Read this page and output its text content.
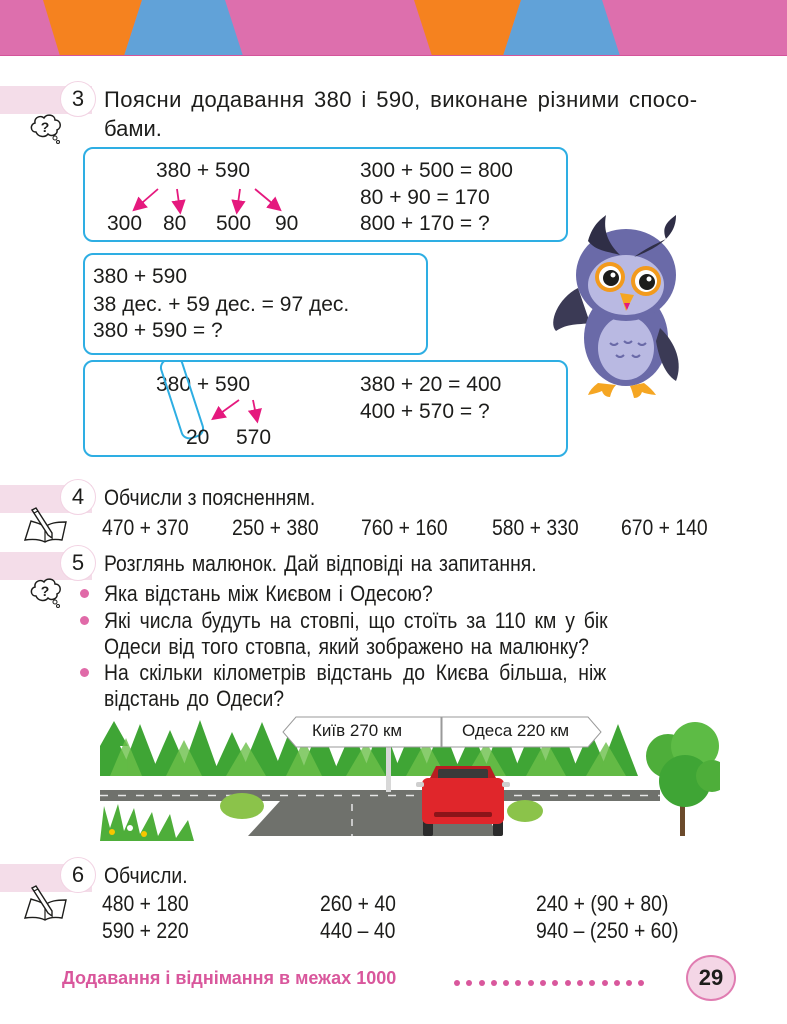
3
?
Поясни додавання 380 і 590, виконане різними спосо-
бами.
380 + 590
300 80 500 90
300 + 500 = 800
80 + 90 = 170
800 + 170 = ?
380 + 590
38 дес. + 59 дес. = 97 дес.
380 + 590 = ?
380 + 590
20 570
380 + 20 = 400
400 + 570 = ?
4 Обчисли з поясненням.
470 + 370 250 + 380 760 + 160 580 + 330 670 + 140
5
?
Розглянь малюнок. Дай відповіді на запитання.
Яка відстань між Києвом і Одесою?
Які числа будуть на стовпі, що стоїть за 110 км у бік
Одеси від того стовпа, який зображено на малюнку?
На скільки кілометрів відстань до Києва більша, ніж
відстань до Одеси?
Київ 270 км	Одеса 220 км
6 Обчисли.
480 + 180
590 + 220
260 + 40
440 – 40
240 + (90 + 80)
940 – (250 + 60)
Додавання і віднімання в межах 1000	29
